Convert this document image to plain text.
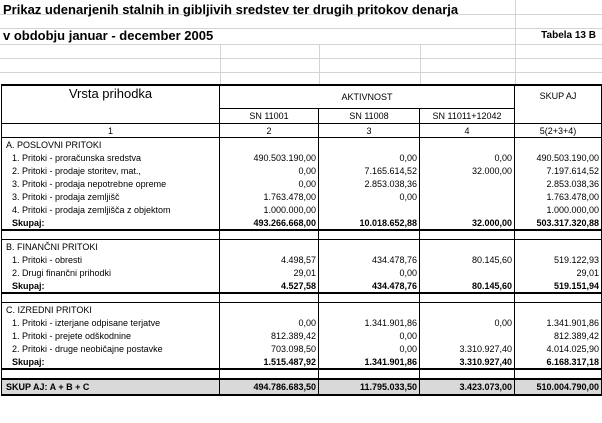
Prikaz udenarjenih stalnih in gibljivih sredstev ter drugih pritokov denarja
v obdobju januar - december 2005	Tabela 13 B
Vrsta prihodka	AKTIVNOST			SKUP AJ
	SN 11001	SN 11008	SN 11011+12042	
1	2	3	4	5(2+3+4)
A. POSLOVNI PRITOKI				
1. Pritoki - proračunska sredstva	490.503.190,00	0,00	0,00	490.503.190,00
2. Pritoki - prodaje storitev, mat.,	0,00	7.165.614,52	32.000,00	7.197.614,52
3. Pritoki - prodaja nepotrebne opreme	0,00	2.853.038,36		2.853.038,36
3. Pritoki - prodaja zemljišč	1.763.478,00	0,00		1.763.478,00
4. Pritoki - prodaja zemljišča z objektom	1.000.000,00			1.000.000,00
Skupaj:	493.266.668,00	10.018.652,88	32.000,00	503.317.320,88

B. FINANČNI PRITOKI				
1. Pritoki - obresti	4.498,57	434.478,76	80.145,60	519.122,93
2. Drugi finančni prihodki	29,01	0,00		29,01
Skupaj:	4.527,58	434.478,76	80.145,60	519.151,94

C. IZREDNI PRITOKI				
1. Pritoki - izterjane odpisane terjatve	0,00	1.341.901,86	0,00	1.341.901,86
1. Pritoki - prejete odškodnine	812.389,42	0,00		812.389,42
2. Pritoki - druge neobičajne postavke	703.098,50	0,00	3.310.927,40	4.014.025,90
Skupaj:	1.515.487,92	1.341.901,86	3.310.927,40	6.168.317,18

SKUP AJ: A + B + C	494.786.683,50	11.795.033,50	3.423.073,00	510.004.790,00
